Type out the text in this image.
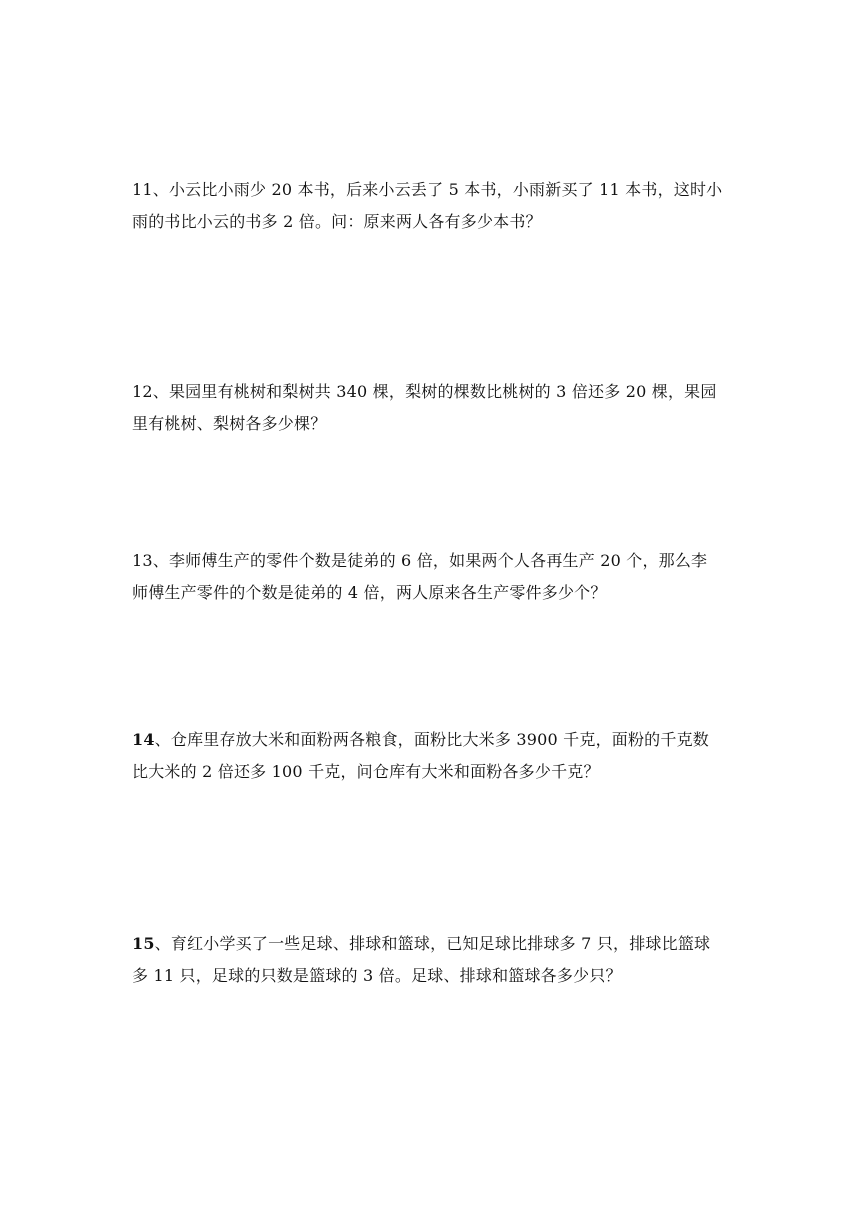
11、小云比小雨少 20 本书，后来小云丢了 5 本书，小雨新买了 11 本书，这时小

雨的书比小云的书多 2 倍。问：原来两人各有多少本书？

12、果园里有桃树和梨树共 340 棵，梨树的棵数比桃树的 3 倍还多 20 棵，果园

里有桃树、梨树各多少棵？

13、李师傅生产的零件个数是徒弟的 6 倍，如果两个人各再生产 20 个，那么李

师傅生产零件的个数是徒弟的 4 倍，两人原来各生产零件多少个？

14、仓库里存放大米和面粉两各粮食，面粉比大米多 3900 千克，面粉的千克数

比大米的 2 倍还多 100 千克，问仓库有大米和面粉各多少千克？

15、育红小学买了一些足球、排球和篮球，已知足球比排球多 7 只，排球比篮球

多 11 只，足球的只数是篮球的 3 倍。足球、排球和篮球各多少只？
